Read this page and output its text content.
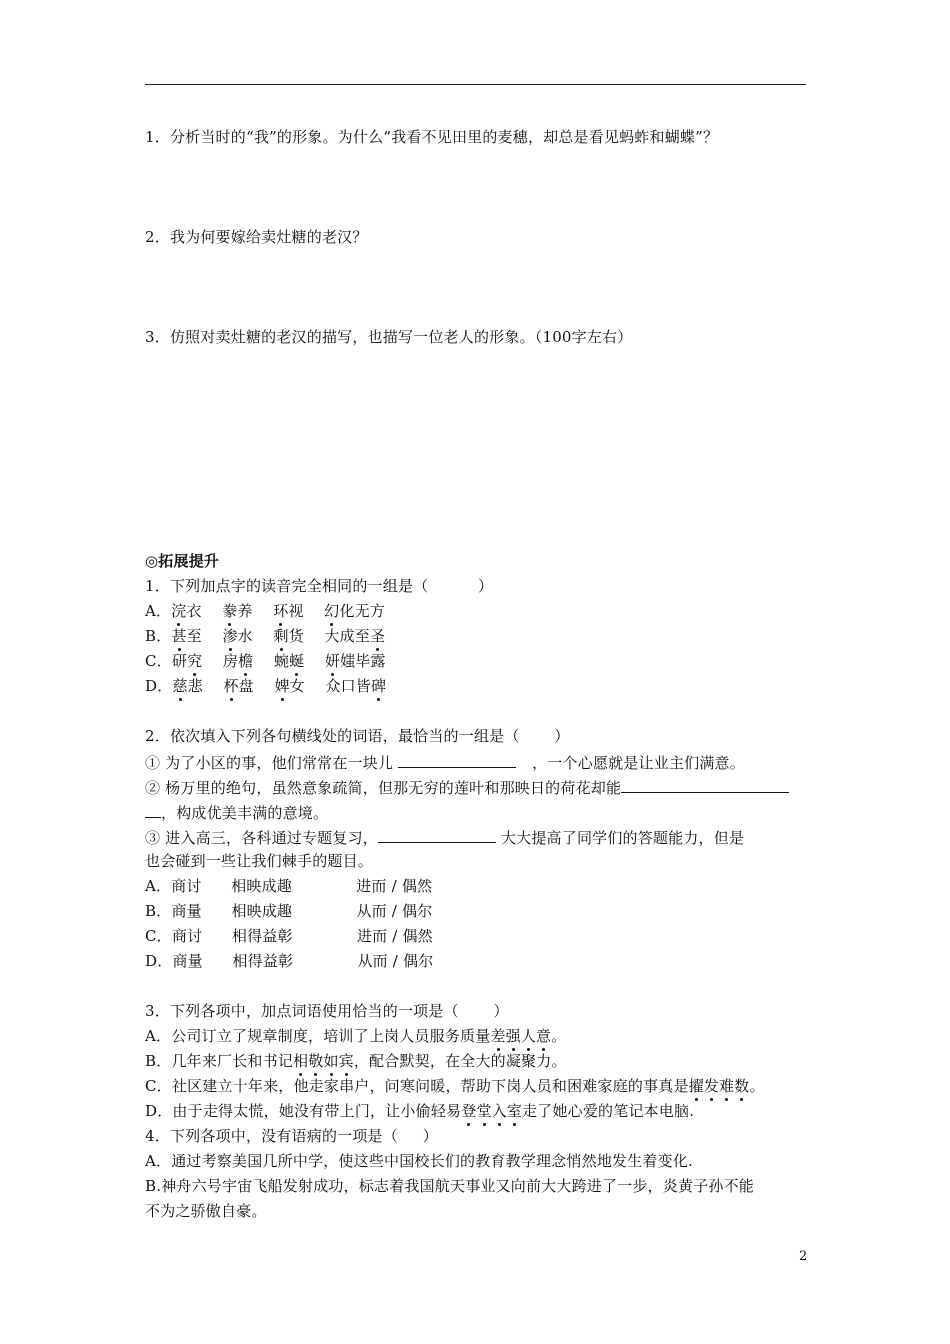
1．分析当时的“我”的形象。为什么“我看不见田里的麦穗，却总是看见蚂蚱和蝴蝶”？
2．我为何要嫁给卖灶糖的老汉？
3．仿照对卖灶糖的老汉的描写，也描写一位老人的形象。（100字左右）
◎拓展提升
1．下列加点字的读音完全相同的一组是（          ）
A．浣衣 豢养 环视 幻化无方
B．甚至 渗水 剩货 大成至圣
C．研究 房檐 蜿蜒 妍媸毕露
D．慈悲 杯盘 婢女 众口皆碑
2．依次填入下列各句横线处的词语，最恰当的一组是（       ）
① 为了小区的事，他们常常在一块儿	，一个心愿就是让业主们满意。
② 杨万里的绝句，虽然意象疏简，但那无穷的莲叶和那映日的荷花却能
，构成优美丰满的意境。
③ 进入高三，各科通过专题复习，	大大提高了同学们的答题能力，但是
也会碰到一些让我们棘手的题目。
A．商讨 相映成趣	进而 / 偶然
B．商量 相映成趣	从而 / 偶尔
C．商讨 相得益彰	进而 / 偶然
D．商量 相得益彰	从而 / 偶尔
3．下列各项中，加点词语使用恰当的一项是（       ）
A．公司订立了规章制度，培训了上岗人员服务质量差强人意。
B．几年来厂长和书记相敬如宾，配合默契，在全大的凝聚力。
C．社区建立十年来，他走家串户，问寒问暖，帮助下岗人员和困难家庭的事真是擢发难数。
D．由于走得太慌，她没有带上门，让小偷轻易登堂入室走了她心爱的笔记本电脑.
4．下列各项中，没有语病的一项是（     ）
A．通过考察美国几所中学，使这些中国校长们的教育教学理念悄然地发生着变化.
B.神舟六号宇宙飞船发射成功，标志着我国航天事业又向前大大跨进了一步，炎黄子孙不能
不为之骄傲自豪。
2
